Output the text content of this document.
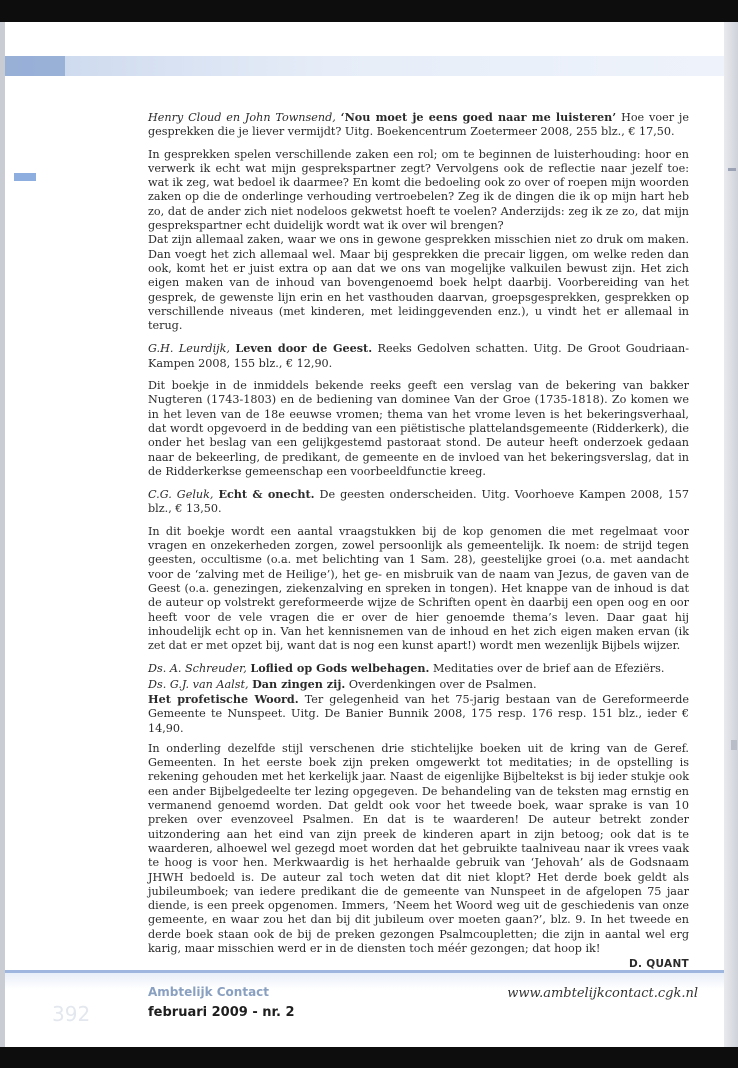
Henry Cloud en John Townsend, ‘Nou moet je eens goed naar me luisteren’ Hoe voer je gesprekken die je liever vermijdt? Uitg. Boekencentrum Zoetermeer 2008, 255 blz., € 17,50.

In gesprekken spelen verschillende zaken een rol; om te beginnen de luisterhouding: hoor en verwerk ik echt wat mijn gesprekspartner zegt? Vervolgens ook de reflectie naar jezelf toe: wat ik zeg, wat bedoel ik daarmee? En komt die bedoeling ook zo over of roepen mijn woorden zaken op die de onderlinge verhouding vertroebelen? Zeg ik de dingen die ik op mijn hart heb zo, dat de ander zich niet nodeloos gekwetst hoeft te voelen? Anderzijds: zeg ik ze zo, dat mijn gesprekspartner echt duidelijk wordt wat ik over wil brengen?

Dat zijn allemaal zaken, waar we ons in gewone gesprekken misschien niet zo druk om maken. Dan voegt het zich allemaal wel. Maar bij gesprekken die precair liggen, om welke reden dan ook, komt het er juist extra op aan dat we ons van mogelijke valkuilen bewust zijn. Het zich eigen maken van de inhoud van bovengenoemd boek helpt daarbij. Voorbereiding van het gesprek, de gewenste lijn erin en het vasthouden daarvan, groepsgesprekken, gesprekken op verschillende niveaus (met kinderen, met leidinggevenden enz.), u vindt het er allemaal in terug.

G.H. Leurdijk, Leven door de Geest. Reeks Gedolven schatten. Uitg. De Groot Goudriaan-Kampen 2008, 155 blz., € 12,90.

Dit boekje in de inmiddels bekende reeks geeft een verslag van de bekering van bakker Nugteren (1743-1803) en de bediening van dominee Van der Groe (1735-1818). Zo komen we in het leven van de 18e eeuwse vromen; thema van het vrome leven is het bekeringsverhaal, dat wordt opgevoerd in de bedding van een piëtistische plattelandsgemeente (Ridderkerk), die onder het beslag van een gelijkgestemd pastoraat stond. De auteur heeft onderzoek gedaan naar de bekeerling, de predikant, de gemeente en de invloed van het bekeringsverslag, dat in de Ridderkerkse gemeenschap een voorbeeldfunctie kreeg.

C.G. Geluk, Echt & onecht. De geesten onderscheiden. Uitg. Voorhoeve Kampen 2008, 157 blz., € 13,50.

In dit boekje wordt een aantal vraagstukken bij de kop genomen die met regelmaat voor vragen en onzekerheden zorgen, zowel persoonlijk als gemeentelijk. Ik noem: de strijd tegen geesten, occultisme (o.a. met belichting van 1 Sam. 28), geestelijke groei (o.a. met aandacht voor de ‘zalving met de Heilige’), het ge- en misbruik van de naam van Jezus, de gaven van de Geest (o.a. genezingen, ziekenzalving en spreken in tongen). Het knappe van de inhoud is dat de auteur op volstrekt gereformeerde wijze de Schriften opent èn daarbij een open oog en oor heeft voor de vele vragen die er over de hier genoemde thema’s leven. Daar gaat hij inhoudelijk echt op in. Van het kennisnemen van de inhoud en het zich eigen maken ervan (ik zet dat er met opzet bij, want dat is nog een kunst apart!) wordt men wezenlijk Bijbels wijzer.

Ds. A. Schreuder, Loflied op Gods welbehagen. Meditaties over de brief aan de Efeziërs.

Ds. G.J. van Aalst, Dan zingen zij. Overdenkingen over de Psalmen.

Het profetische Woord. Ter gelegenheid van het 75-jarig bestaan van de Gereformeerde Gemeente te Nunspeet. Uitg. De Banier Bunnik 2008, 175 resp. 176 resp. 151 blz., ieder € 14,90.

In onderling dezelfde stijl verschenen drie stichtelijke boeken uit de kring van de Geref. Gemeenten. In het eerste boek zijn preken omgewerkt tot meditaties; in de opstelling is rekening gehouden met het kerkelijk jaar. Naast de eigenlijke Bijbeltekst is bij ieder stukje ook een ander Bijbelgedeelte ter lezing opgegeven. De behandeling van de teksten mag ernstig en vermanend genoemd worden. Dat geldt ook voor het tweede boek, waar sprake is van 10 preken over evenzoveel Psalmen. En dat is te waarderen! De auteur betrekt zonder uitzondering aan het eind van zijn preek de kinderen apart in zijn betoog; ook dat is te waarderen, alhoewel wel gezegd moet worden dat het gebruikte taalniveau naar ik vrees vaak te hoog is voor hen. Merkwaardig is het herhaalde gebruik van ‘Jehovah’ als de Godsnaam JHWH bedoeld is. De auteur zal toch weten dat dit niet klopt? Het derde boek geldt als jubileumboek; van iedere predikant die de gemeente van Nunspeet in de afgelopen 75 jaar diende, is een preek opgenomen. Immers, ‘Neem het Woord weg uit de geschiedenis van onze gemeente, en waar zou het dan bij dit jubileum over moeten gaan?’, blz. 9. In het tweede en derde boek staan ook de bij de preken gezongen Psalmcoupletten; die zijn in aantal wel erg karig, maar misschien werd er in de diensten toch méér gezongen; dat hoop ik!

D. QUANT

392
Ambtelijk Contact
februari 2009 - nr. 2
www.ambtelijkcontact.cgk.nl
